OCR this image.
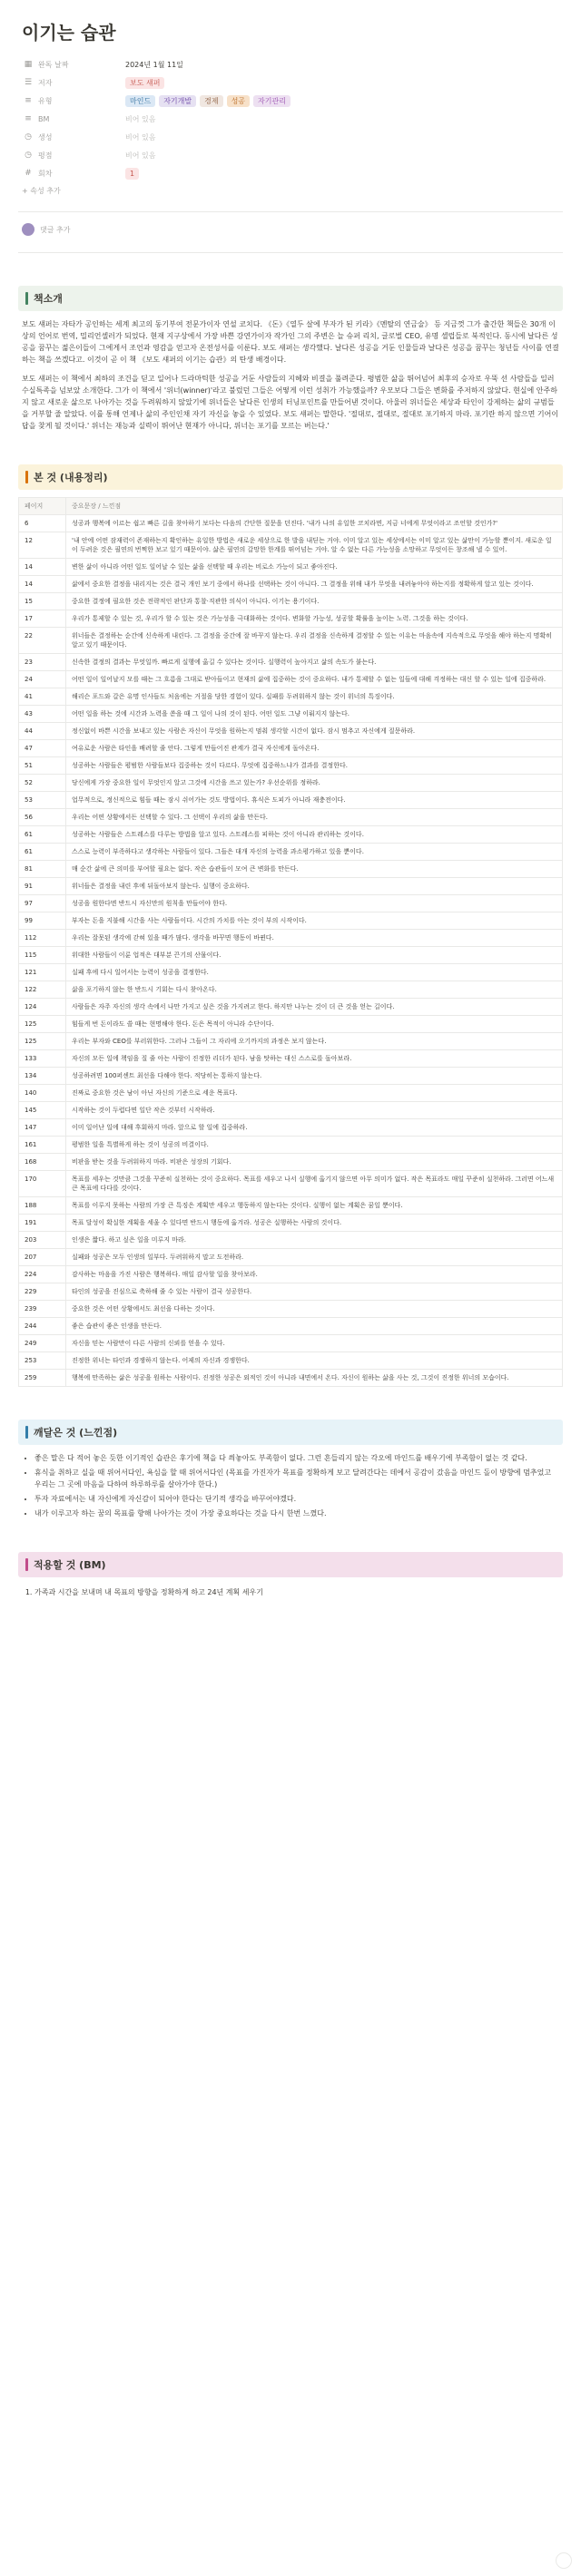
이기는 습관
▦ 완독 날짜	2024년 1월 11일
☰ 저자	보도 섀퍼
≡ 유형	마인드	자기개발	경제	성공	자기관리
≡ BM	비어 있음
◷ 생성	비어 있음
◷ 평점	비어 있음
# 회차	1
+ 속성 추가
댓글 추가
책소개

보도 섀퍼는 자타가 공인하는 세계 최고의 동기부여 전문가이자 연설 코치다. 《돈》《열두 살에 부자가 된 키라》《멘탈의 연금술》 등 지금껏 그가 출간한 책들은 30개 이상의 언어로 번역, 밀리언셀러가 되었다. 현재 지구상에서 가장 바쁜 강연가이자 작가인 그의 주변은 늘 슈퍼 리치, 글로벌 CEO, 유명 셀럽들로 북적인다. 동시에 날다른 성공을 꿈꾸는 젊은이들이 그에게서 조언과 영감을 얻고자 온전성서를 이룬다. 보도 섀퍼는 생각했다. 날다른 성공을 거둔 인물들과 날다른 성공을 꿈꾸는 청년들 사이를 연결하는 책을 쓰겠다고. 이것이 곧 이 책 《보도 섀퍼의 이기는 습관》의 탄생 배경이다.

보도 섀퍼는 이 책에서 최하의 조건을 딛고 일어나 드라마틱한 성공을 거둔 사람들의 지혜와 비결을 풀려준다. 평범한 삶을 뛰어넘어 최후의 승자로 우뚝 선 사람들을 일러수실특족을 넘보았 소개한다. 그가 이 책에서 '위너(winner)'라고 불렀던 그들은 어떻게 이런 성취가 가능했을까? 우모보다 그들은 변화를 주저하지 않았다. 현실에 안주하지 않고 새로운 삶으로 나아가는 것을 두려워하지 않았기에 위너들은 날다른 인생의 터닝포인트를 만들어낸 것이다. 아울러 위너들은 세상과 타인이 강제하는 삶의 규범들을 거부할 줄 알았다. 이를 통해 언제나 삶의 주인인채 자기 자신을 놓을 수 있었다. 보도 섀퍼는 말한다. '절대로, 절대로, 절대로 포기하지 마라. 포기란 하지 않으면 기어이 답을 찾게 될 것이다.' 위너는 재능과 실력이 뛰어난 현재가 아니다, 위너는 포기를 모르는 버는다.'

본 것 (내용정리)
페이지	중요문장 / 느낀점
6	성공과 행복에 이르는 쉽고 빠른 길을 찾아하기 보다는 다음의 간단한 질문을 던진다. '내가 나의 유일한 코치라면, 지금 너에게 무엇이라고 조언할 것인가?'
12	'내 안에 어떤 잠재력이 존재하는지 확인하는 유일한 방법은 새로운 세상으로 한 발을 내딛는 거야. 이미 알고 있는 세상에서는 이미 알고 있는 삶만이 가능할 뿐이지. 새로운 일이 두려운 것은 필연의 번쩍한 보고 있기 때문이야. 삶은 필연의 갈망한 한계를 뛰어넘는 거야. 알 수 없는 다른 가능성을 소망하고 무엇이든 창조해 낼 수 있어.
14	변한 삶이 아니라 어떤 일도 일어날 수 있는 삶을 선택할 때 우리는 비로소 가능이 되고 좋아진다.
14	삶에서 중요한 결정을 내리지는 것은 결국 개인 보기 중에서 하나를 선택하는 것이 아니다. 그 결정을 위해 내가 무엇을 내려놓아야 하는지를 정확하게 알고 있는 것이다.
15	중요한 결정에 필요한 것은 전략적인 판단과 통찰·직관한 의식이 아니다. 이기는 용기이다.
17	우리가 통제할 수 있는 것, 우리가 할 수 있는 것은 가능성을 극대화하는 것이다. 변화할 가능성, 성공할 확률을 높이는 노력. 그것을 하는 것이다.
22	위너들은 결정하는 순간에 신속하게 내린다. 그 결정을 중간에 잘 바꾸지 않는다. 우리 결정을 신속하게 결정할 수 있는 이유는 마음속에 지속적으로 무엇을 해야 하는지 명확히 알고 있기 때문이다.
23	신속한 결정의 결과는 무엇일까. 빠르게 실행에 옮길 수 있다는 것이다. 실행력이 높아지고 삶의 속도가 붙는다.
24	어떤 일이 일어날지 모를 때는 그 흐름을 그대로 받아들이고 현재의 삶에 집중하는 것이 중요하다. 내가 통제할 수 없는 일들에 대해 걱정하는 대신 할 수 있는 일에 집중하라.
41	해리슨 포드와 갈은 유명 인사들도 처음에는 거절을 당한 경험이 있다. 실패를 두려워하지 않는 것이 위너의 특징이다.
43	어떤 일을 하는 것에 시간과 노력을 쏟을 때 그 일이 나의 것이 된다. 어떤 일도 그냥 이뤄지지 않는다.
44	정신없이 바쁜 시간을 보내고 있는 사람은 자신이 무엇을 원하는지 멈춰 생각할 시간이 없다. 잠시 멈추고 자신에게 질문하라.
47	여유로운 사람은 타인을 배려할 줄 안다. 그렇게 만들어진 관계가 결국 자신에게 돌아온다.
51	성공하는 사람들은 평범한 사람들보다 집중하는 것이 다르다. 무엇에 집중하느냐가 결과를 결정한다.
52	당신에게 가장 중요한 일이 무엇인지 알고 그것에 시간을 쓰고 있는가? 우선순위를 정하라.
53	업무적으로, 정신적으로 힘들 때는 잠시 쉬어가는 것도 방법이다. 휴식은 도피가 아니라 재충전이다.
56	우리는 어떤 상황에서든 선택할 수 있다. 그 선택이 우리의 삶을 만든다.
61	성공하는 사람들은 스트레스를 다루는 방법을 알고 있다. 스트레스를 피하는 것이 아니라 관리하는 것이다.
61	스스로 능력이 부족하다고 생각하는 사람들이 있다. 그들은 대개 자신의 능력을 과소평가하고 있을 뿐이다.
81	매 순간 삶에 큰 의미를 부여할 필요는 없다. 작은 습관들이 모여 큰 변화를 만든다.
91	위너들은 결정을 내린 후에 뒤돌아보지 않는다. 실행이 중요하다.
97	성공을 원한다면 반드시 자신만의 원칙을 만들어야 한다.
99	부자는 돈을 지불해 시간을 사는 사람들이다. 시간의 가치를 아는 것이 부의 시작이다.
112	우리는 잘못된 생각에 갇혀 있을 때가 많다. 생각을 바꾸면 행동이 바뀐다.
115	위대한 사람들이 이룬 업적은 대부분 끈기의 산물이다.
121	실패 후에 다시 일어서는 능력이 성공을 결정한다.
122	삶을 포기하지 않는 한 반드시 기회는 다시 찾아온다.
124	사람들은 자주 자신의 생각 속에서 나만 가지고 싶은 것을 가지려고 한다. 하지만 나누는 것이 더 큰 것을 얻는 길이다.
125	힘들게 번 돈이라도 쓸 때는 현명해야 한다. 돈은 목적이 아니라 수단이다.
125	우리는 부자와 CEO를 부러워한다. 그러나 그들이 그 자리에 오기까지의 과정은 보지 않는다.
133	자신의 모든 일에 책임을 질 줄 아는 사람이 진정한 리더가 된다. 남을 탓하는 대신 스스로를 돌아보라.
134	성공하려면 100퍼센트 최선을 다해야 한다. 적당히는 통하지 않는다.
140	진짜로 중요한 것은 남이 아닌 자신의 기준으로 세운 목표다.
145	시작하는 것이 두렵다면 일단 작은 것부터 시작하라.
147	이미 일어난 일에 대해 후회하지 마라. 앞으로 할 일에 집중하라.
161	평범한 일을 특별하게 하는 것이 성공의 비결이다.
168	비판을 받는 것을 두려워하지 마라. 비판은 성장의 기회다.
170	목표를 세우는 것만큼 그것을 꾸준히 실천하는 것이 중요하다. 목표를 세우고 나서 실행에 옮기지 않으면 아무 의미가 없다. 작은 목표라도 매일 꾸준히 실천하라. 그러면 어느새 큰 목표에 다다를 것이다.
188	목표를 이루지 못하는 사람의 가장 큰 특징은 계획만 세우고 행동하지 않는다는 것이다. 실행이 없는 계획은 꿈일 뿐이다.
191	목표 달성이 확실한 계획을 세울 수 있다면 반드시 행동에 옮겨라. 성공은 실행하는 사람의 것이다.
203	인생은 짧다. 하고 싶은 일을 미루지 마라.
207	실패와 성공은 모두 인생의 일부다. 두려워하지 말고 도전하라.
224	감사하는 마음을 가진 사람은 행복하다. 매일 감사할 일을 찾아보라.
229	타인의 성공을 진심으로 축하해 줄 수 있는 사람이 결국 성공한다.
239	중요한 것은 어떤 상황에서도 최선을 다하는 것이다.
244	좋은 습관이 좋은 인생을 만든다.
249	자신을 믿는 사람만이 다른 사람의 신뢰를 얻을 수 있다.
253	진정한 위너는 타인과 경쟁하지 않는다. 어제의 자신과 경쟁한다.
259	행복에 만족하는 삶은 성공을 원하는 사람이다. 진정한 성공은 외적인 것이 아니라 내면에서 온다. 자신이 원하는 삶을 사는 것, 그것이 진정한 위너의 모습이다.
깨달은 것 (느낀점)
• 좋은 말은 다 적어 놓은 듯한 이기적인 습관은 후기에 책을 다 씌놓아도 부족함이 없다. 그런 흔들리지 않는 각오에 마인드를 배우기에 부족함이 없는 것 같다.
• 휴식을 취하고 실을 때 위어서다인, 욕심을 할 때 위어서다인 (목표를 가진자가 목표를 정확하게 보고 달려간다는 데에서 공감이 갔음을 마인드 돌이 방향에 멈추었고 우리는 그 곳에 마음을 다하여 하루하루를 살아가야 한다.)
• 투자 자료에서는 내 자신에게 자신감이 되어야 한다는 단기적 생각을 바꾸어야겠다.
• 내가 이루고자 하는 꿈의 목표를 향해 나아가는 것이 가장 중요하다는 것을 다시 한번 느꼈다.
적용할 것 (BM)
1. 가족과 시간을 보내며 내 목표의 방향을 정확하게 하고 24년 계획 세우기
